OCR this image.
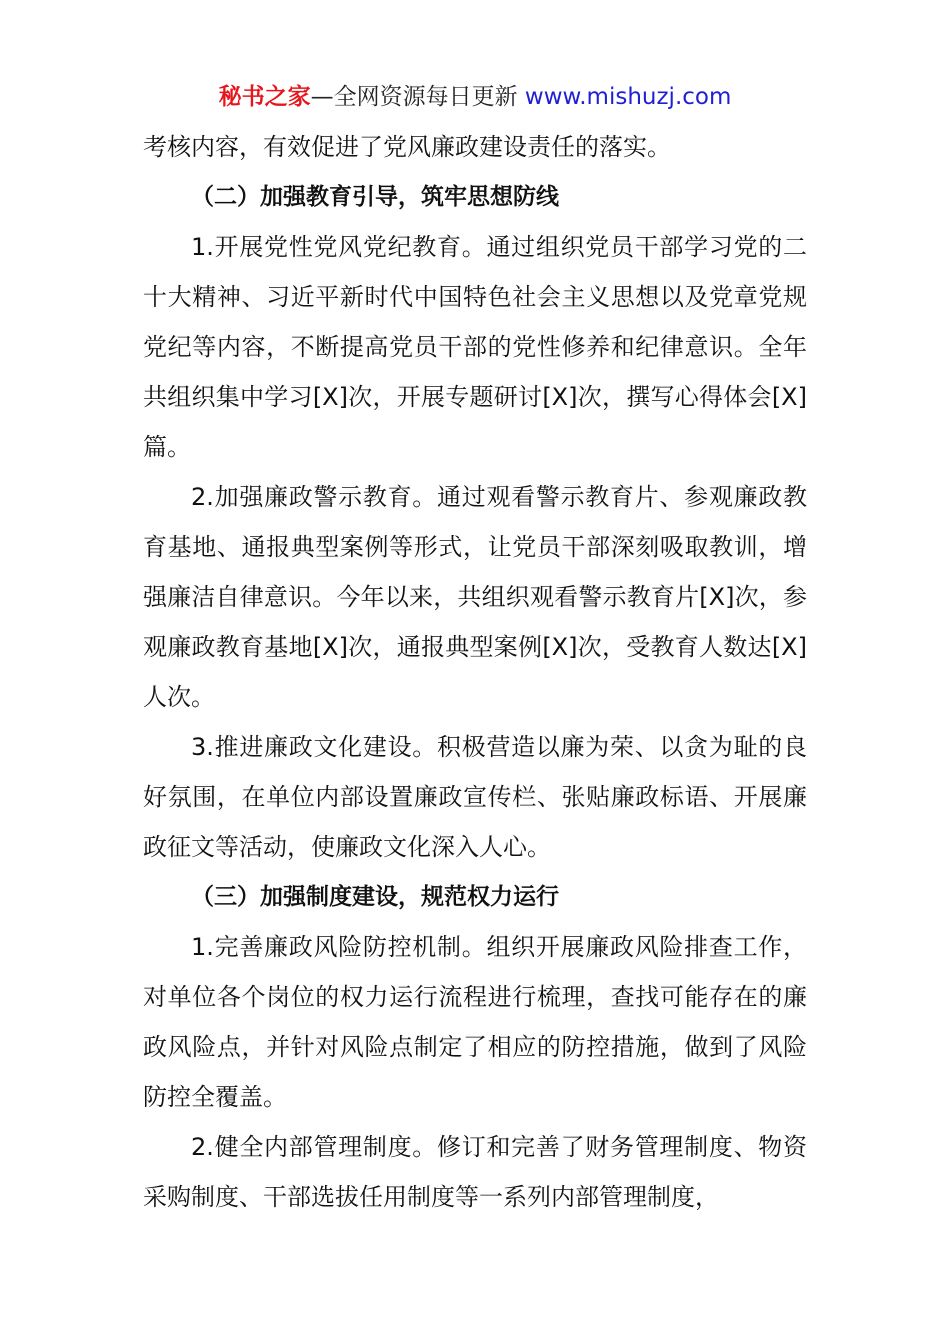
秘书之家—全网资源每日更新 www.mishuzj.com

考核内容，有效促进了党风廉政建设责任的落实。

（二）加强教育引导，筑牢思想防线

1.开展党性党风党纪教育。通过组织党员干部学习党的二十大精神、习近平新时代中国特色社会主义思想以及党章党规党纪等内容，不断提高党员干部的党性修养和纪律意识。全年共组织集中学习[X]次，开展专题研讨[X]次，撰写心得体会[X]篇。

2.加强廉政警示教育。通过观看警示教育片、参观廉政教育基地、通报典型案例等形式，让党员干部深刻吸取教训，增强廉洁自律意识。今年以来，共组织观看警示教育片[X]次，参观廉政教育基地[X]次，通报典型案例[X]次，受教育人数达[X]人次。

3.推进廉政文化建设。积极营造以廉为荣、以贪为耻的良好氛围，在单位内部设置廉政宣传栏、张贴廉政标语、开展廉政征文等活动，使廉政文化深入人心。

（三）加强制度建设，规范权力运行

1.完善廉政风险防控机制。组织开展廉政风险排查工作，对单位各个岗位的权力运行流程进行梳理，查找可能存在的廉政风险点，并针对风险点制定了相应的防控措施，做到了风险防控全覆盖。

2.健全内部管理制度。修订和完善了财务管理制度、物资采购制度、干部选拔任用制度等一系列内部管理制度，
